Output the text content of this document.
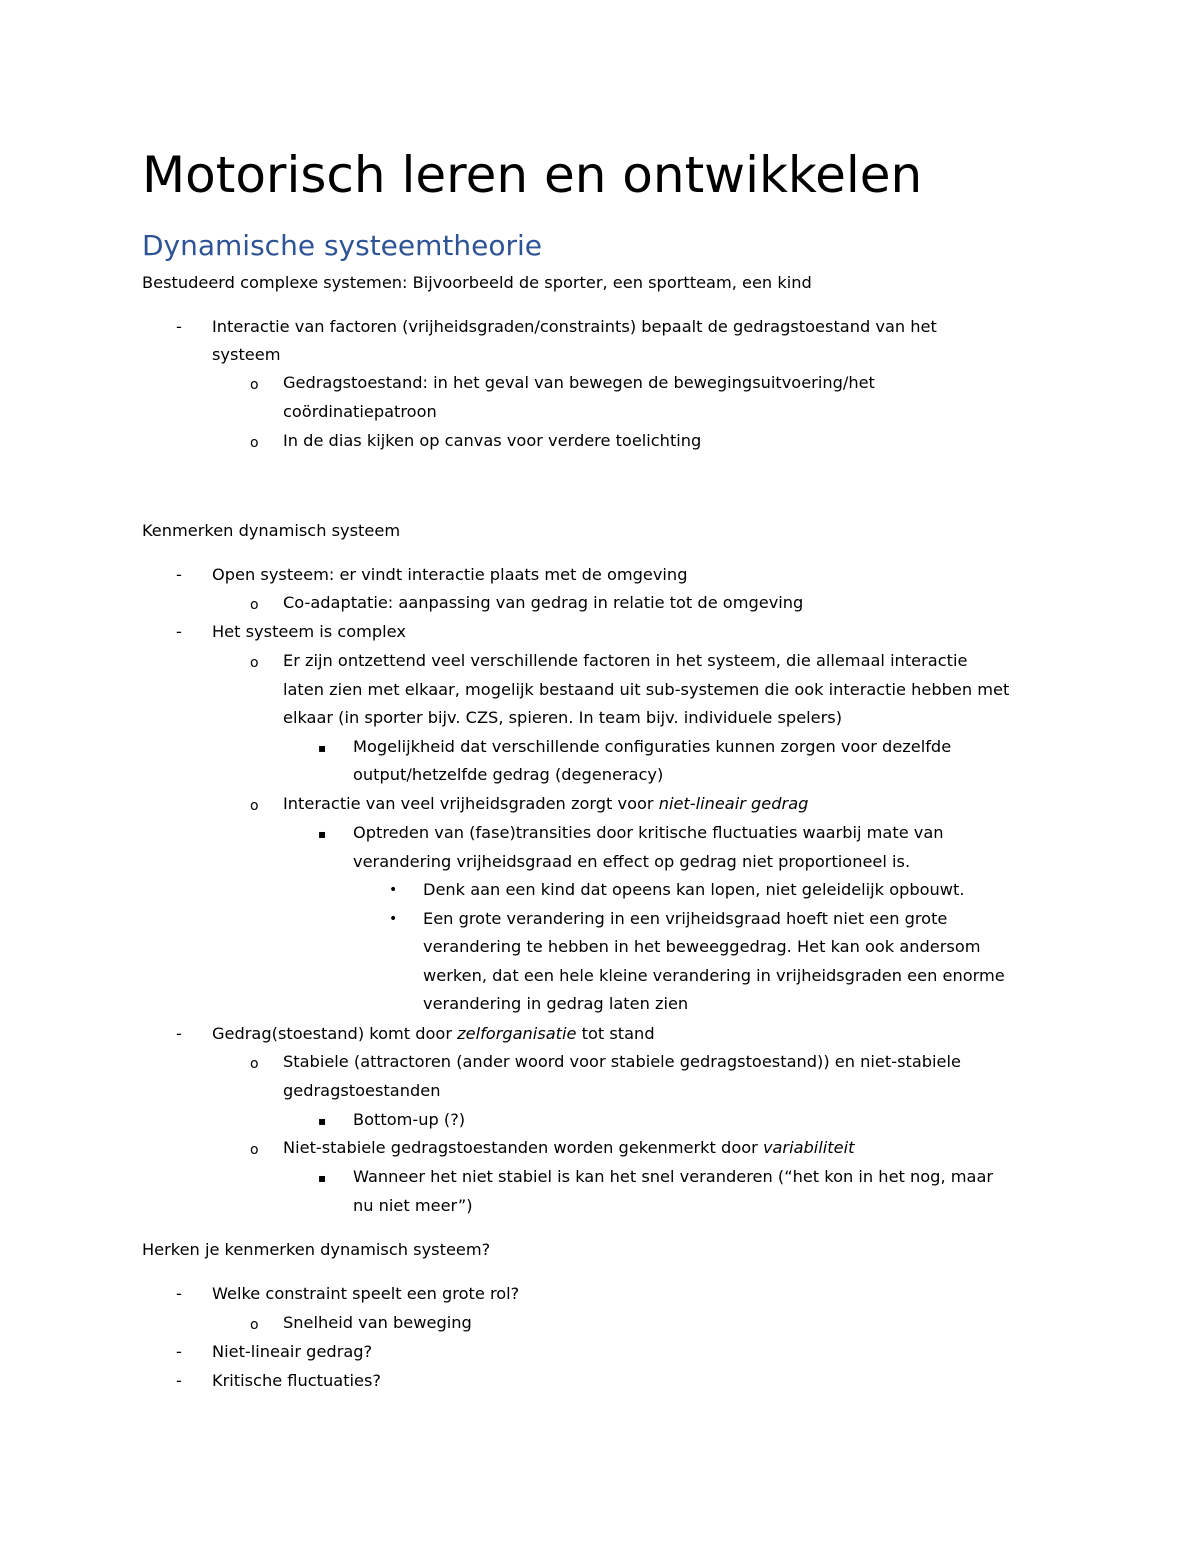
Motorisch leren en ontwikkelen
Dynamische systeemtheorie
Bestudeerd complexe systemen: Bijvoorbeeld de sporter, een sportteam, een kind
- Interactie van factoren (vrijheidsgraden/constraints) bepaalt de gedragstoestand van het
systeem
o Gedragstoestand: in het geval van bewegen de bewegingsuitvoering/het
coördinatiepatroon
o In de dias kijken op canvas voor verdere toelichting
Kenmerken dynamisch systeem
- Open systeem: er vindt interactie plaats met de omgeving
o Co-adaptatie: aanpassing van gedrag in relatie tot de omgeving
- Het systeem is complex
o Er zijn ontzettend veel verschillende factoren in het systeem, die allemaal interactie
laten zien met elkaar, mogelijk bestaand uit sub-systemen die ook interactie hebben met
elkaar (in sporter bijv. CZS, spieren. In team bijv. individuele spelers)
▪ Mogelijkheid dat verschillende configuraties kunnen zorgen voor dezelfde
output/hetzelfde gedrag (degeneracy)
o Interactie van veel vrijheidsgraden zorgt voor niet-lineair gedrag
▪ Optreden van (fase)transities door kritische fluctuaties waarbij mate van
verandering vrijheidsgraad en effect op gedrag niet proportioneel is.
• Denk aan een kind dat opeens kan lopen, niet geleidelijk opbouwt.
• Een grote verandering in een vrijheidsgraad hoeft niet een grote
verandering te hebben in het beweeggedrag. Het kan ook andersom
werken, dat een hele kleine verandering in vrijheidsgraden een enorme
verandering in gedrag laten zien
- Gedrag(stoestand) komt door zelforganisatie tot stand
o Stabiele (attractoren (ander woord voor stabiele gedragstoestand)) en niet-stabiele
gedragstoestanden
▪ Bottom-up (?)
o Niet-stabiele gedragstoestanden worden gekenmerkt door variabiliteit
▪ Wanneer het niet stabiel is kan het snel veranderen (“het kon in het nog, maar
nu niet meer”)
Herken je kenmerken dynamisch systeem?
- Welke constraint speelt een grote rol?
o Snelheid van beweging
- Niet-lineair gedrag?
- Kritische fluctuaties?
